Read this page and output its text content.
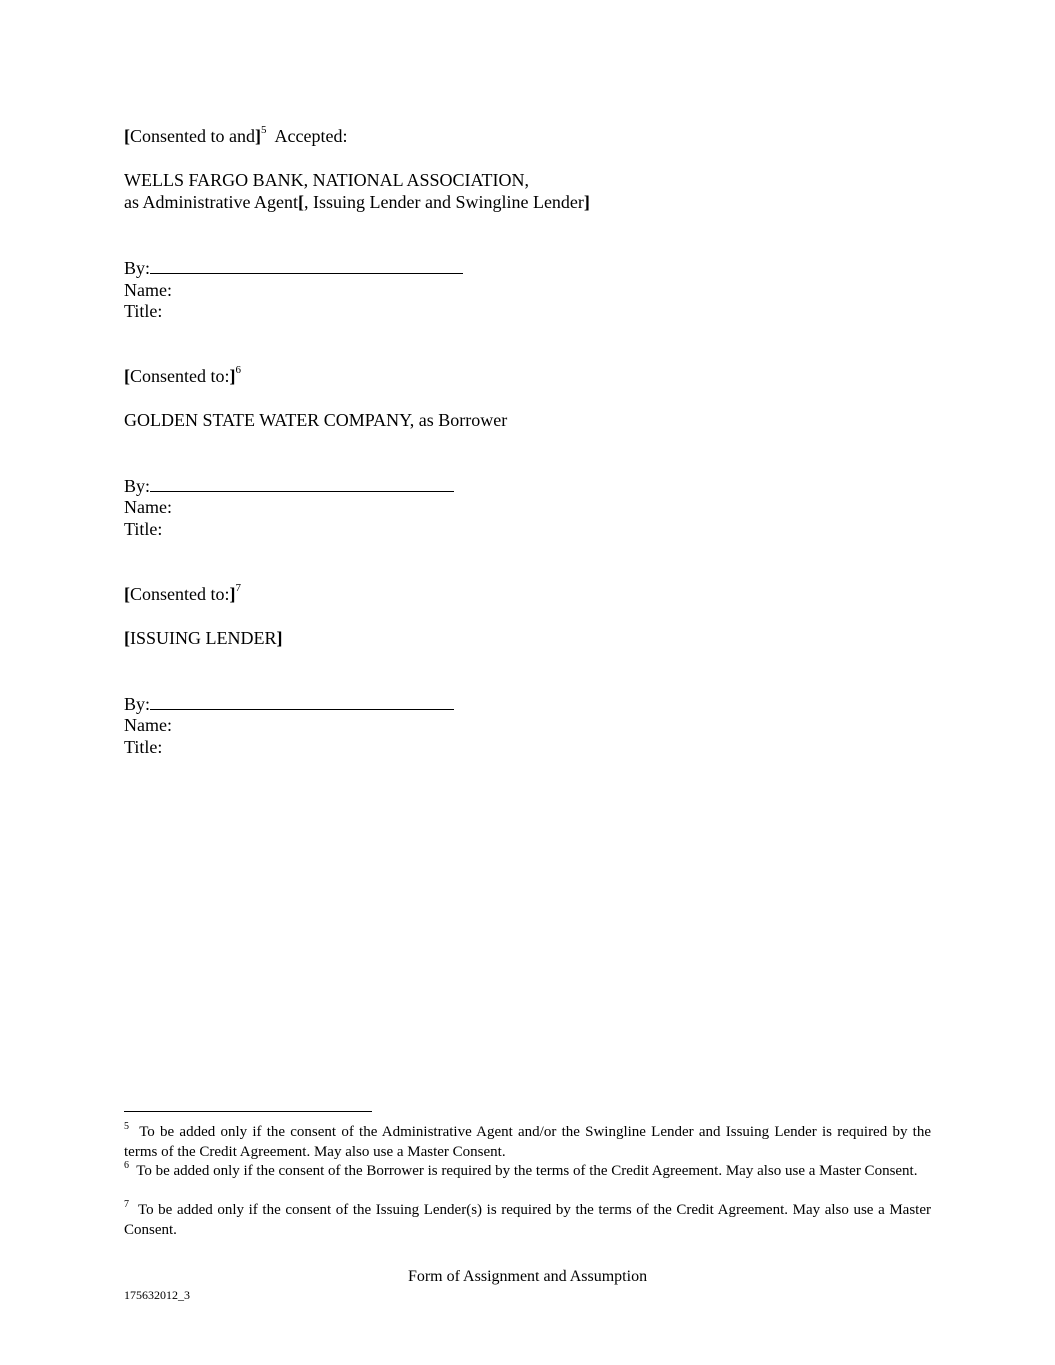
[Consented to and]$^5$ Accepted:
WELLS FARGO BANK, NATIONAL ASSOCIATION,
as Administrative Agent[, Issuing Lender and Swingline Lender]
By:
Name:
Title:
[Consented to:]$^6$
GOLDEN STATE WATER COMPANY, as Borrower
By:
Name:
Title:
[Consented to:]$^7$
[ISSUING LENDER]
By:
Name:
Title:
$^5$ To be added only if the consent of the Administrative Agent and/or the Swingline Lender and Issuing Lender is required by the terms of the Credit Agreement. May also use a Master Consent.
$^6$ To be added only if the consent of the Borrower is required by the terms of the Credit Agreement. May also use a Master Consent.
$^7$ To be added only if the consent of the Issuing Lender(s) is required by the terms of the Credit Agreement. May also use a Master Consent.
Form of Assignment and Assumption
175632012_3
